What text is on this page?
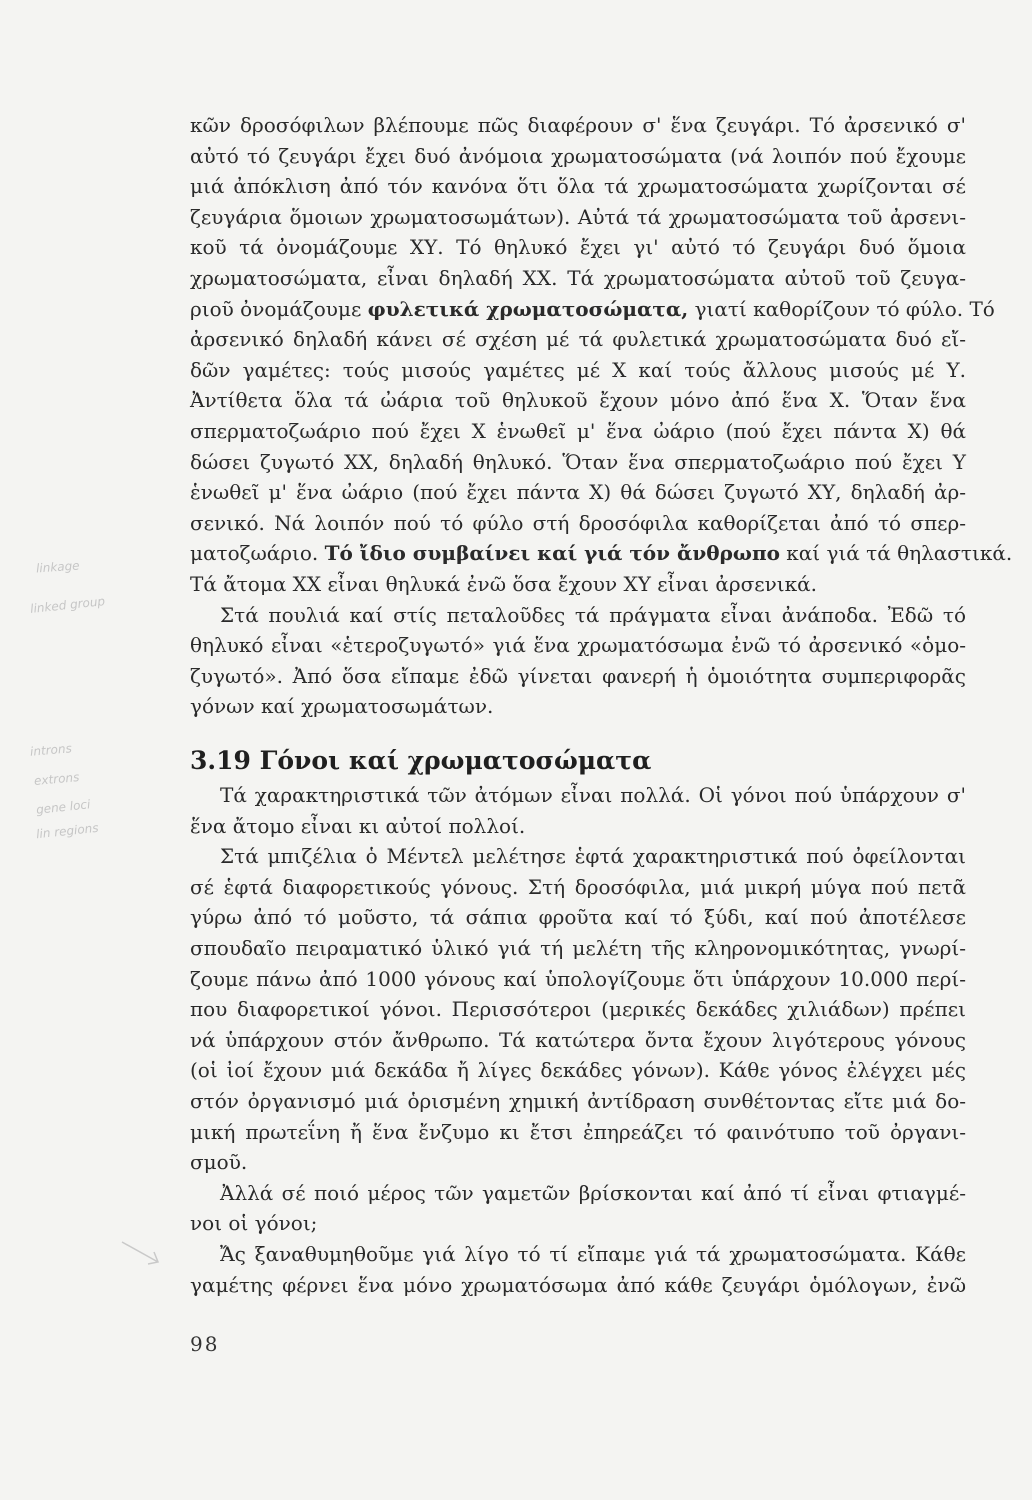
linkage
linked group
introns
extrons
gene loci
lin regions
κῶν δροσόφιλων βλέπουμε πῶς διαφέρουν σ' ἕνα ζευγάρι. Τό ἀρσενικό σ'
αὐτό τό ζευγάρι ἔχει δυό ἀνόμοια χρωματοσώματα (νά λοιπόν πού ἔχουμε
μιά ἀπόκλιση ἀπό τόν κανόνα ὅτι ὅλα τά χρωματοσώματα χωρίζονται σέ
ζευγάρια ὅμοιων χρωματοσωμάτων). Αὐτά τά χρωματοσώματα τοῦ ἀρσενι-
κοῦ τά ὀνομάζουμε ΧΥ. Τό θηλυκό ἔχει γι' αὐτό τό ζευγάρι δυό ὅμοια
χρωματοσώματα, εἶναι δηλαδή ΧΧ. Τά χρωματοσώματα αὐτοῦ τοῦ ζευγα-
ριοῦ ὀνομάζουμε φυλετικά χρωματοσώματα, γιατί καθορίζουν τό φύλο. Τό
ἀρσενικό δηλαδή κάνει σέ σχέση μέ τά φυλετικά χρωματοσώματα δυό εἴ-
δῶν γαμέτες: τούς μισούς γαμέτες μέ Χ καί τούς ἄλλους μισούς μέ Υ.
Ἀντίθετα ὅλα τά ὠάρια τοῦ θηλυκοῦ ἔχουν μόνο ἀπό ἕνα Χ. Ὅταν ἕνα
σπερματοζωάριο πού ἔχει Χ ἑνωθεῖ μ' ἕνα ὠάριο (πού ἔχει πάντα Χ) θά
δώσει ζυγωτό ΧΧ, δηλαδή θηλυκό. Ὅταν ἕνα σπερματοζωάριο πού ἔχει Υ
ἑνωθεῖ μ' ἕνα ὠάριο (πού ἔχει πάντα Χ) θά δώσει ζυγωτό ΧΥ, δηλαδή ἀρ-
σενικό. Νά λοιπόν πού τό φύλο στή δροσόφιλα καθορίζεται ἀπό τό σπερ-
ματοζωάριο. Τό ἴδιο συμβαίνει καί γιά τόν ἄνθρωπο καί γιά τά θηλαστικά.
Τά ἄτομα ΧΧ εἶναι θηλυκά ἐνῶ ὅσα ἔχουν ΧΥ εἶναι ἀρσενικά.
Στά πουλιά καί στίς πεταλοῦδες τά πράγματα εἶναι ἀνάποδα. Ἐδῶ τό
θηλυκό εἶναι «ἑτεροζυγωτό» γιά ἕνα χρωματόσωμα ἐνῶ τό ἀρσενικό «ὁμο-
ζυγωτό». Ἀπό ὅσα εἴπαμε ἐδῶ γίνεται φανερή ἡ ὁμοιότητα συμπεριφορᾶς
γόνων καί χρωματοσωμάτων.
3.19 Γόνοι καί χρωματοσώματα
Τά χαρακτηριστικά τῶν ἀτόμων εἶναι πολλά. Οἱ γόνοι πού ὑπάρχουν σ'
ἕνα ἄτομο εἶναι κι αὐτοί πολλοί.
Στά μπιζέλια ὁ Μέντελ μελέτησε ἑφτά χαρακτηριστικά πού ὀφείλονται
σέ ἑφτά διαφορετικούς γόνους. Στή δροσόφιλα, μιά μικρή μύγα πού πετᾶ
γύρω ἀπό τό μοῦστο, τά σάπια φροῦτα καί τό ξύδι, καί πού ἀποτέλεσε
σπουδαῖο πειραματικό ὑλικό γιά τή μελέτη τῆς κληρονομικότητας, γνωρί-
ζουμε πάνω ἀπό 1000 γόνους καί ὑπολογίζουμε ὅτι ὑπάρχουν 10.000 περί-
που διαφορετικοί γόνοι. Περισσότεροι (μερικές δεκάδες χιλιάδων) πρέπει
νά ὑπάρχουν στόν ἄνθρωπο. Τά κατώτερα ὄντα ἔχουν λιγότερους γόνους
(οἱ ἰοί ἔχουν μιά δεκάδα ἤ λίγες δεκάδες γόνων). Κάθε γόνος ἐλέγχει μές
στόν ὀργανισμό μιά ὁρισμένη χημική ἀντίδραση συνθέτοντας εἴτε μιά δο-
μική πρωτεΐνη ἤ ἕνα ἔνζυμο κι ἔτσι ἐπηρεάζει τό φαινότυπο τοῦ ὀργανι-
σμοῦ.
Ἀλλά σέ ποιό μέρος τῶν γαμετῶν βρίσκονται καί ἀπό τί εἶναι φτιαγμέ-
νοι οἱ γόνοι;
Ἄς ξαναθυμηθοῦμε γιά λίγο τό τί εἴπαμε γιά τά χρωματοσώματα. Κάθε
γαμέτης φέρνει ἕνα μόνο χρωματόσωμα ἀπό κάθε ζευγάρι ὁμόλογων, ἐνῶ
98
